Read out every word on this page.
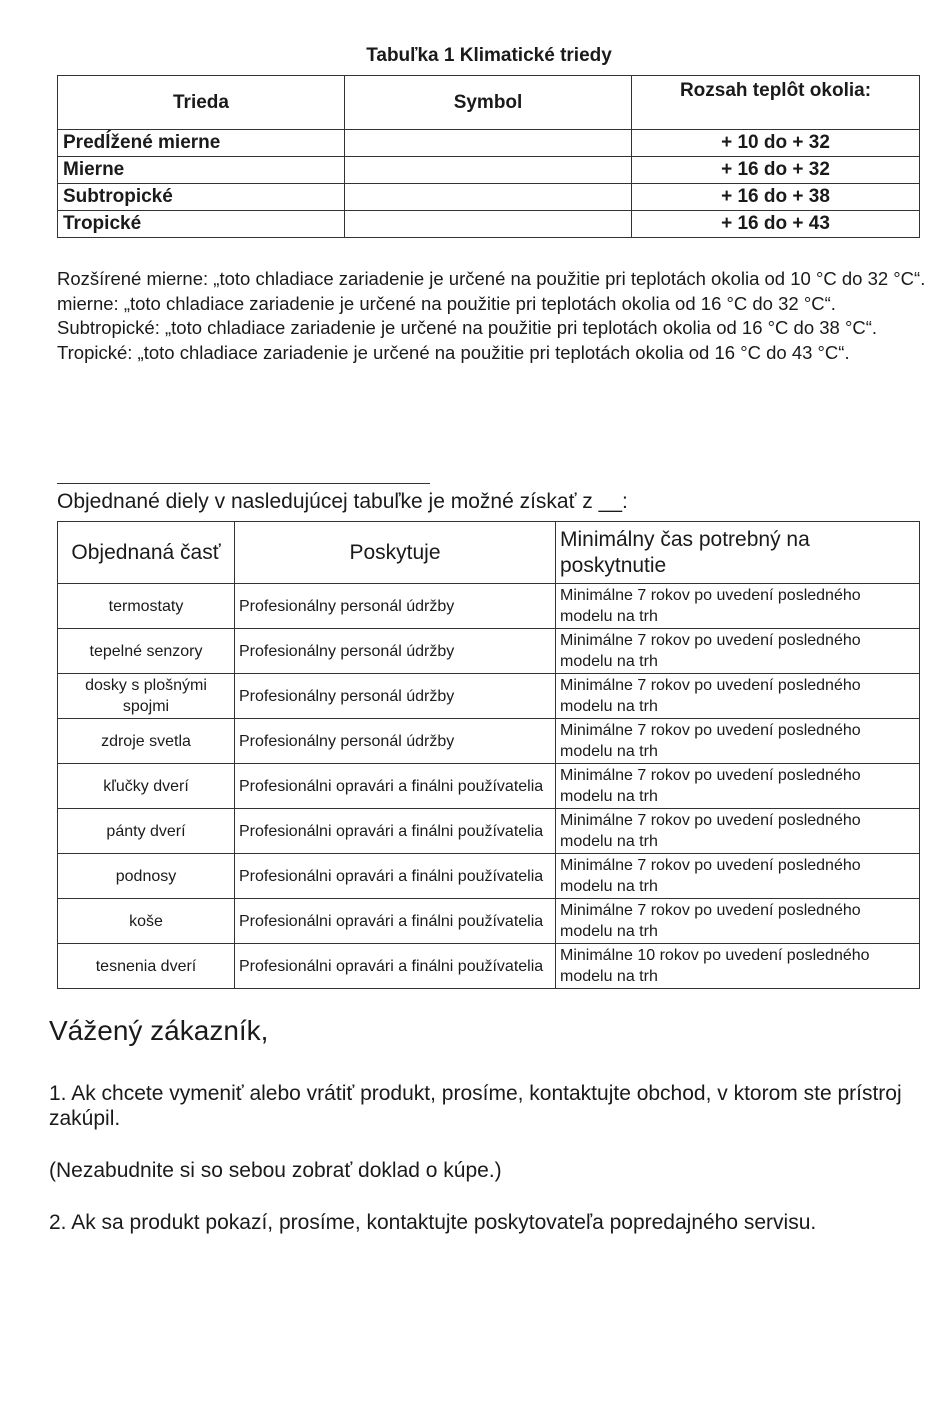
Tabuľka 1 Klimatické triedy
Trieda	Symbol	Rozsah teplôt okolia:
Predĺžené mierne		+ 10 do + 32
Mierne		+ 16 do + 32
Subtropické		+ 16 do + 38
Tropické		+ 16 do + 43
Rozšírené mierne: „toto chladiace zariadenie je určené na použitie pri teplotách okolia od 10 °C do 32 °C“.
mierne: „toto chladiace zariadenie je určené na použitie pri teplotách okolia od 16 °C do 32 °C“.
Subtropické: „toto chladiace zariadenie je určené na použitie pri teplotách okolia od 16 °C do 38 °C“.
Tropické: „toto chladiace zariadenie je určené na použitie pri teplotách okolia od 16 °C do 43 °C“.
Objednané diely v nasledujúcej tabuľke je možné získať z __:
Objednaná časť	Poskytuje	Minimálny čas potrebný na poskytnutie
termostaty	Profesionálny personál údržby	Minimálne 7 rokov po uvedení posledného modelu na trh
tepelné senzory	Profesionálny personál údržby	Minimálne 7 rokov po uvedení posledného modelu na trh
dosky s plošnými spojmi	Profesionálny personál údržby	Minimálne 7 rokov po uvedení posledného modelu na trh
zdroje svetla	Profesionálny personál údržby	Minimálne 7 rokov po uvedení posledného modelu na trh
kľučky dverí	Profesionálni opravári a finálni používatelia	Minimálne 7 rokov po uvedení posledného modelu na trh
pánty dverí	Profesionálni opravári a finálni používatelia	Minimálne 7 rokov po uvedení posledného modelu na trh
podnosy	Profesionálni opravári a finálni používatelia	Minimálne 7 rokov po uvedení posledného modelu na trh
koše	Profesionálni opravári a finálni používatelia	Minimálne 7 rokov po uvedení posledného modelu na trh
tesnenia dverí	Profesionálni opravári a finálni používatelia	Minimálne 10 rokov po uvedení posledného modelu na trh
Vážený zákazník,
1. Ak chcete vymeniť alebo vrátiť produkt, prosíme, kontaktujte obchod, v ktorom ste prístroj zakúpil.
(Nezabudnite si so sebou zobrať doklad o kúpe.)
2. Ak sa produkt pokazí, prosíme, kontaktujte poskytovateľa popredajného servisu.
